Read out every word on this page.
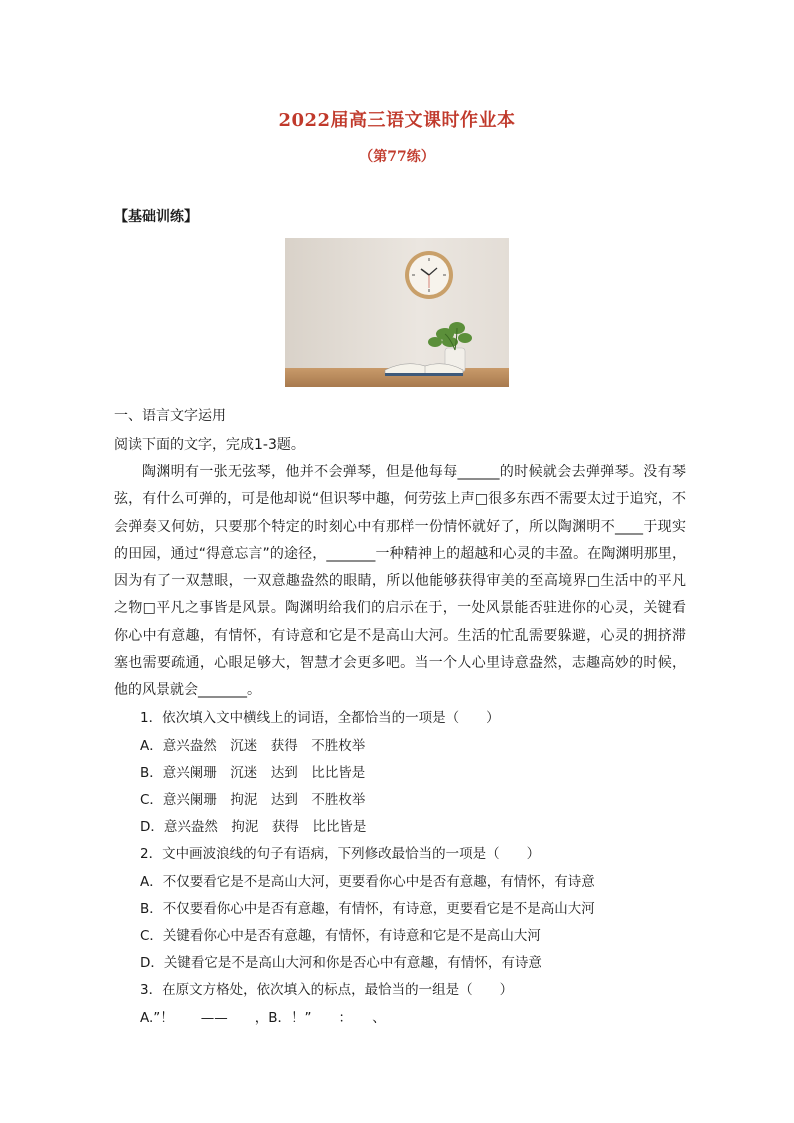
2022届高三语文课时作业本
（第77练）
【基础训练】
一、语言文字运用
阅读下面的文字，完成1-3题。
陶渊明有一张无弦琴，他并不会弹琴，但是他每每______的时候就会去弹弹琴。没有琴弦，有什么可弹的，可是他却说“但识琴中趣，何劳弦上声□很多东西不需要太过于追究，不会弹奏又何妨，只要那个特定的时刻心中有那样一份情怀就好了，所以陶渊明不____于现实的田园，通过“得意忘言”的途径，_______一种精神上的超越和心灵的丰盈。在陶渊明那里，因为有了一双慧眼，一双意趣盎然的眼睛，所以他能够获得审美的至高境界□生活中的平凡之物□平凡之事皆是风景。陶渊明给我们的启示在于，一处风景能否驻进你的心灵，关键看你心中有意趣，有情怀，有诗意和它是不是高山大河。生活的忙乱需要躲避，心灵的拥挤滞塞也需要疏通，心眼足够大，智慧才会更多吧。当一个人心里诗意盎然，志趣高妙的时候，他的风景就会_______。
1．依次填入文中横线上的词语，全都恰当的一项是（　　）
A．意兴盎然　沉迷　获得　不胜枚举
B．意兴阑珊　沉迷　达到　比比皆是
C．意兴阑珊　拘泥　达到　不胜枚举
D．意兴盎然　拘泥　获得　比比皆是
2．文中画波浪线的句子有语病，下列修改最恰当的一项是（　　）
A．不仅要看它是不是高山大河，更要看你心中是否有意趣，有情怀，有诗意
B．不仅要看你心中是否有意趣，有情怀，有诗意，更要看它是不是高山大河
C．关键看你心中是否有意趣，有情怀，有诗意和它是不是高山大河
D．关键看它是不是高山大河和你是否心中有意趣，有情怀，有诗意
3．在原文方格处，依次填入的标点，最恰当的一组是（　　）
A.”！　　——　　，B．！”　　：　　、
